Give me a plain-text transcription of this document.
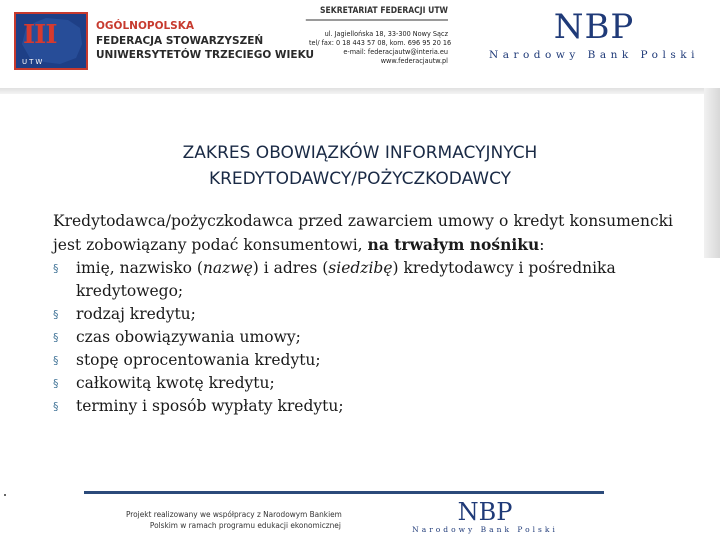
III
UTW
OGÓLNOPOLSKA
FEDERACJA STOWARZYSZEŃ
UNIWERSYTETÓW TRZECIEGO WIEKU
SEKRETARIAT FEDERACJI UTW
ul. Jagiellońska 18, 33-300 Nowy Sącz
tel/ fax: 0 18 443 57 08, kom. 696 95 20 16
e-mail: federacjautw@interia.eu
www.federacjautw.pl
NBP
Narodowy Bank Polski
ZAKRES OBOWIĄZKÓW INFORMACYJNYCH
KREDYTODAWCY/POŻYCZKODAWCY
Kredytodawca/pożyczkodawca przed zawarciem umowy o kredyt konsumencki jest zobowiązany podać konsumentowi, na trwałym nośniku:
§ imię, nazwisko (nazwę) i adres (siedzibę) kredytodawcy i pośrednika kredytowego;
§ rodzaj kredytu;
§ czas obowiązywania umowy;
§ stopę oprocentowania kredytu;
§ całkowitą kwotę kredytu;
§ terminy i sposób wypłaty kredytu;
Projekt realizowany we współpracy z Narodowym Bankiem
Polskim w ramach programu edukacji ekonomicznej	NBP
Narodowy Bank Polski
